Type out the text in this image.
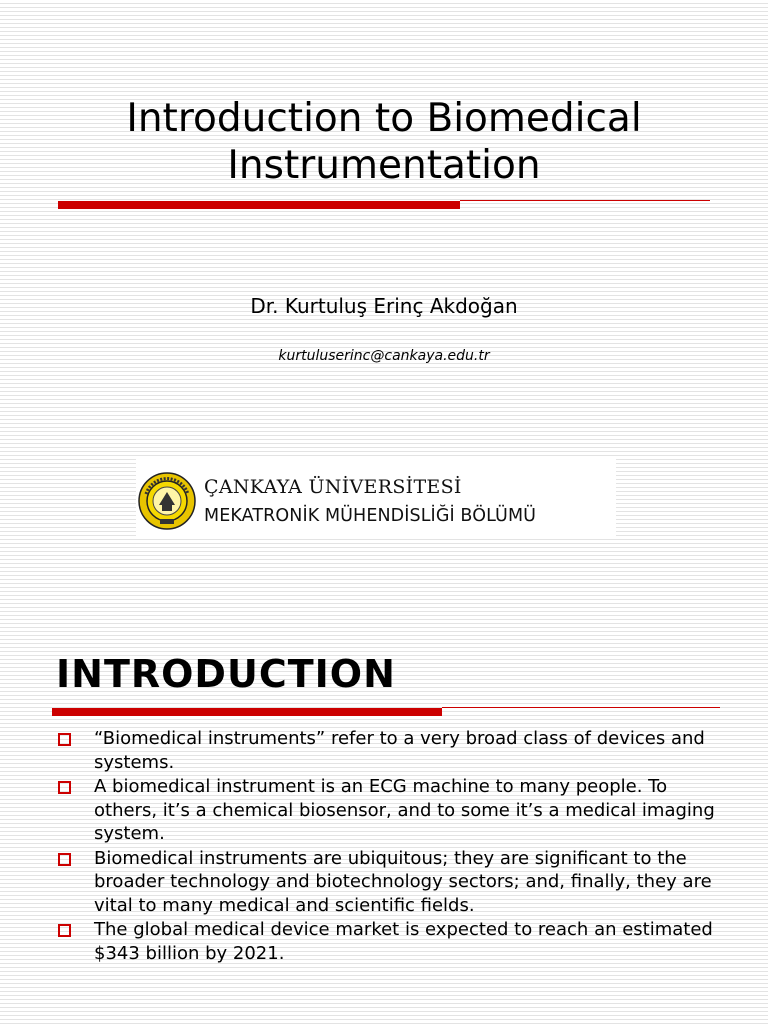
Introduction to Biomedical
Instrumentation
Dr. Kurtuluş Erinç Akdoğan
kurtuluserinc@cankaya.edu.tr
ÇANKAYA ÜNİVERSİTESİ
MEKATRONİK MÜHENDİSLİĞİ BÖLÜMÜ
INTRODUCTION
“Biomedical instruments” refer to a very broad class of devices and systems.
A biomedical instrument is an ECG machine to many people. To others, it’s a chemical biosensor, and to some it’s a medical imaging system.
Biomedical instruments are ubiquitous; they are significant to the broader technology and biotechnology sectors; and, finally, they are vital to many medical and scientific fields.
The global medical device market is expected to reach an estimated $343 billion by 2021.
